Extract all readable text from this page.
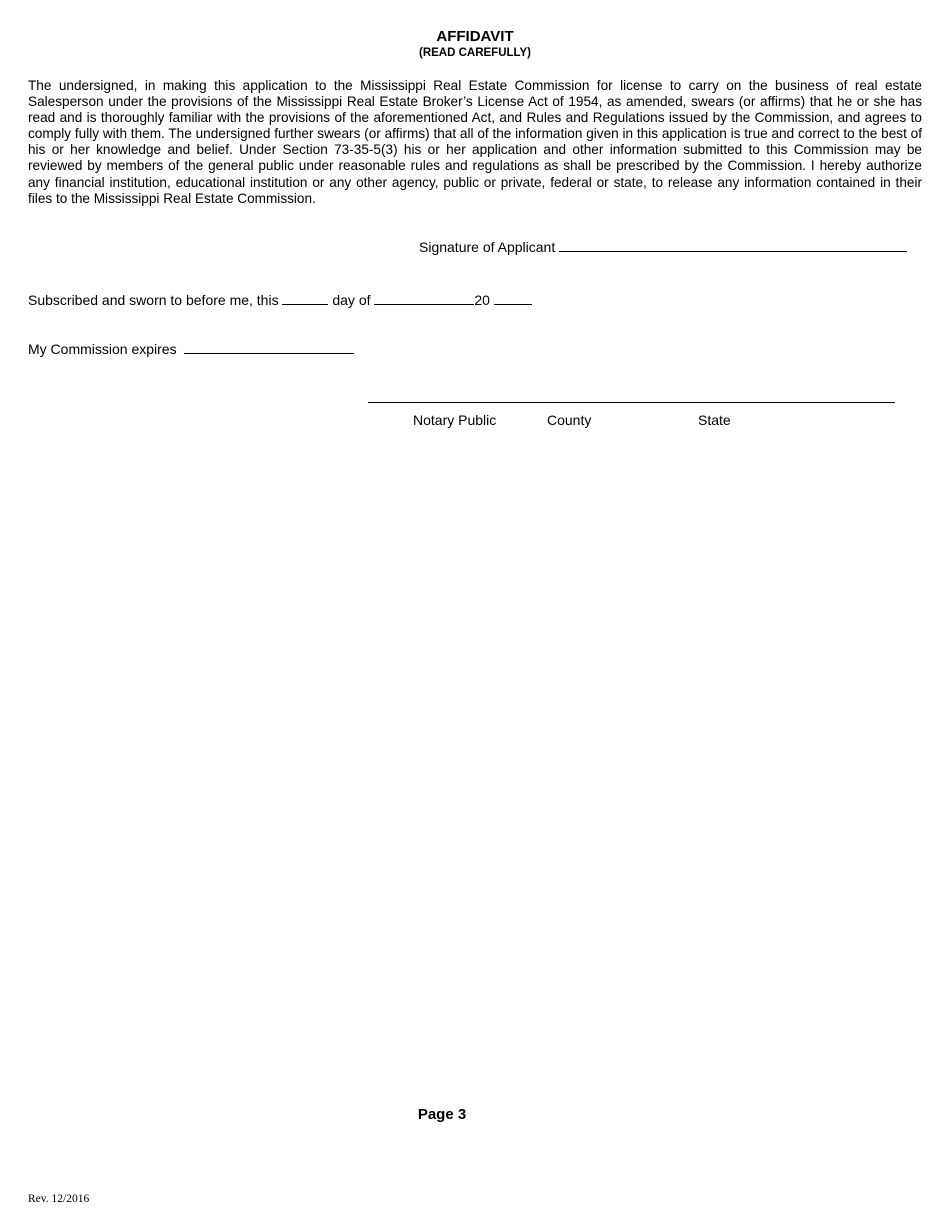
AFFIDAVIT
(READ CAREFULLY)

The undersigned, in making this application to the Mississippi Real Estate Commission for license to carry on the business of real estate Salesperson under the provisions of the Mississippi Real Estate Broker’s License Act of 1954, as amended, swears (or affirms) that he or she has read and is thoroughly familiar with the provisions of the aforementioned Act, and Rules and Regulations issued by the Commission, and agrees to comply fully with them. The undersigned further swears (or affirms) that all of the information given in this application is true and correct to the best of his or her knowledge and belief. Under Section 73-35-5(3) his or her application and other information submitted to this Commission may be reviewed by members of the general public under reasonable rules and regulations as shall be prescribed by the Commission. I hereby authorize any financial institution, educational institution or any other agency, public or private, federal or state, to release any information contained in their files to the Mississippi Real Estate Commission.

Signature of Applicant
Subscribed and sworn to before me, this	day of	20
My Commission expires
Notary Public	County	State
Page 3
Rev. 12/2016
